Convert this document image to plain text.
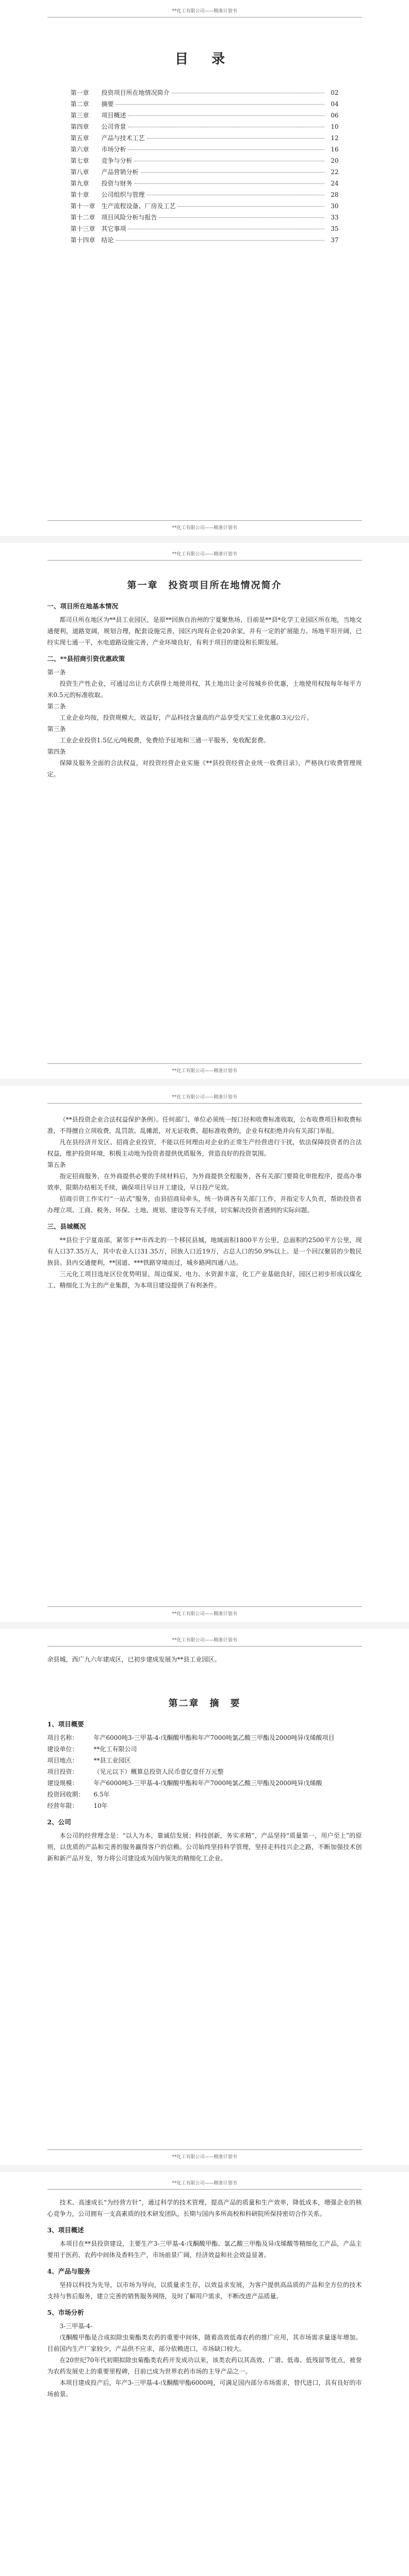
**化工有限公司——精准计划书
目 录
第一章	投资项目所在地情况简介	02
第二章	摘要	04
第三章	项目概述	06
第四章	公司背景	10
第五章	产品与技术工艺	12
第六章	市场分析	16
第七章	竞争与分析	20
第八章	产品营销分析	22
第九章	投资与财务	24
第十章	公司组织与管理	28
第十一章 生产流程设备、厂房及工艺	30
第十二章 项目风险分析与报告	33
第十三章 其它事项	35
第十四章 结论	37
**化工有限公司——精准计划书
**化工有限公司——精准计划书
第一章　投资项目所在地情况简介
一、项目所在地基本情况

都司旦所在地区为**县工业园区，是原**回族自治州的宁夏聚焦场，目前是**县*化学工业园区所在地，当地交通便利，道路宽阔，规划合理，配套设施完善，园区内现有企业20余家，并有一定的扩展能力。场地平坦开阔，已经实现七通一平，水电道路设施完善，产业环境良好，有利于项目的建设和长期发展。

二、**县招商引资优惠政策

第一条

投资生产性企业，可通过出让方式获得土地使用权，其土地出让金可按城乡价优惠，土地使用权按每年每平方米0.5元的标准收取。

第二条

工业企业均按，投资规模大，效益好，产品科技含量高的产品享受天宝工业优惠0.3元/公斤。

第三条

工业企业投资1.5亿元/吨税费，免费给予征地和三通一平服务，免收配套费。

第四条

保障及服务全面的合法权益，对投资经营企业实施《**县投资经营企业统一收费目录》，严格执行收费管理规定。

**化工有限公司——精准计划书
**化工有限公司——精准计划书

（**县投资企业合法权益保护条例）。任何部门、单位必须统一按口径和收费标准收取，公布收费项目和收费标准，不得擅自立项收费，乱罚款、乱摊派，对无证收费、超标准收费的，企业有权拒绝并向有关部门举报。

凡在县经济开发区、招商企业投资，不能以任何理由对企业的正常生产经营进行干扰，依法保障投资者的合法权益，维护投资环境，积极主动地为投资者提供优质服务，营造良好的投资氛围。

第五条

指定招商服务，在外商提供必要的手续材料后，为外商提供全程服务，各有关部门要简化审批程序，提高办事效率，限期办结相关手续，确保项目早日开工建设，早日投产见效。

招商引资工作实行“一站式”服务，由县招商局牵头，统一协调各有关部门工作，并指定专人负责，帮助投资者办理立项、工商、税务、环保、土地、规划、建设等有关手续，切实解决投资者遇到的实际问题。

三、县城概况

**县位于宁夏南部，紧邻于**市西北的一个移民县城，地域面积1800平方公里，总面积约2500平方公里，现有人口37.35万人，其中农业人口31.35万，回族人口近19万，占总人口的50.9%以上。是一个回汉聚居的少数民族县。县内交通便利，**国道、***铁路穿境而过，城乡路网四通八达。

三元化工项目选址区位优势明显，周边煤炭、电力、水资源丰富，化工产业基础良好，园区已初步形成以煤化工、精细化工为主的产业集群，为本项目建设提供了有利条件。

**化工有限公司——精准计划书
**化工有限公司——精准计划书

余县城，西广九六年建成区，已初步建成发展为**县工业园区。

第二章　摘　要
1、项目概要
项目名称：	年产6000吨3-三甲基-4-戊酮酸甲酯和年产7000吨氯乙酸三甲酯及2000吨异戊烯酸项目
建设单位：	**化工有限公司
项目地点：	**县工业园区
项目投资：	（见元以下）概算总投资人民币壹亿壹仟万元整
建设规模：	年产6000吨3-三甲基-4-戊酮酸甲酯和年产7000吨氯乙酸三甲酯及2000吨异戊烯酸
投资回收期：	6.5年
经营年限：	10年
2、公司

本公司的经营理念是：“以人为本，靠诚信发展；科技创新，务实求精”，产品坚持“质量第一，用户至上”的原则，以优质的产品和完善的服务赢得客户的信赖。公司始终坚持科学管理，坚持走科技兴企之路，不断加强技术创新和新产品开发，努力将公司建设成为国内领先的精细化工企业。

**化工有限公司——精准计划书
**化工有限公司——精准计划书

技术、高速成长“为经营方针”，通过科学的技术管理，提高产品的质量和生产效率，降低成本，增强企业的核心竞争力，公司拥有一支高素质的技术研发团队，长期与国内多所高校和科研院所保持密切合作关系。

3、项目概述

本项目在**县投资建设，主要生产3-三甲基-4-戊酮酸甲酯、氯乙酸三甲酯及异戊烯酸等精细化工产品，产品主要用于医药、农药中间体及香料生产，市场前景广阔，经济效益和社会效益显著。

4、产品与服务

坚持以科技为先导，以市场为导向，以质量求生存，以效益求发展，为客户提供高品质的产品和全方位的技术支持与售后服务，建立完善的销售服务网络，及时了解用户需求，不断改进产品质量。

5、市场分析

3-三甲基-4-

戊酮酸甲酯是合成拟除虫菊酯类农药的重要中间体，随着高效低毒农药的推广应用，其市场需求量逐年增加。目前国内生产厂家较少，产品供不应求，部分依赖进口，市场缺口较大。

在20世纪70年代初期拟除虫菊酯类农药开发成功以来，该类农药以其高效、广谱、低毒、低残留等优点，被誉为农药发展史上的重要里程碑，目前已成为世界农药市场的主导产品之一。

本项目建成投产后，年产3-三甲基-4-戊酮酸甲酯6000吨，可满足国内部分市场需求，替代进口，具有良好的市场前景。
